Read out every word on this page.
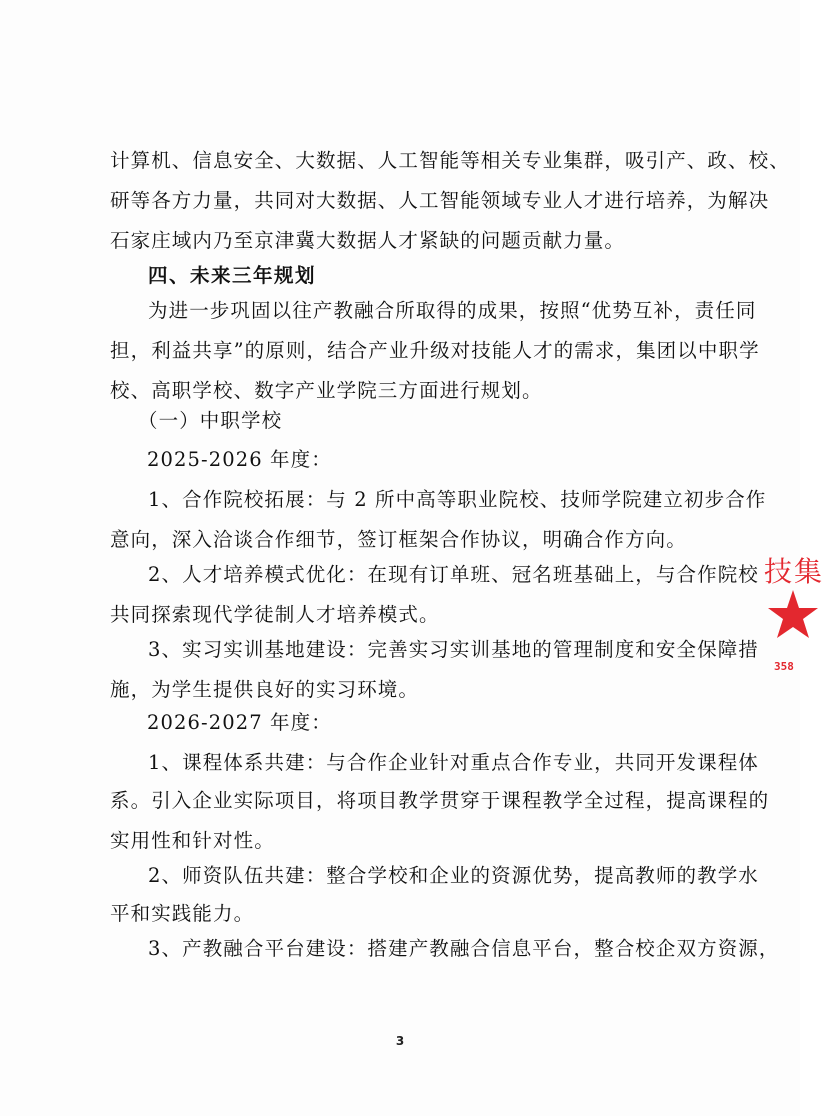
计算机、信息安全、大数据、人工智能等相关专业集群，吸引产、政、校、
研等各方力量，共同对大数据、人工智能领域专业人才进行培养，为解决
石家庄域内乃至京津冀大数据人才紧缺的问题贡献力量。
四、未来三年规划
为进一步巩固以往产教融合所取得的成果，按照“优势互补，责任同
担，利益共享”的原则，结合产业升级对技能人才的需求，集团以中职学
校、高职学校、数字产业学院三方面进行规划。
（一）中职学校
2025-2026 年度：
1、合作院校拓展：与 2 所中高等职业院校、技师学院建立初步合作
意向，深入洽谈合作细节，签订框架合作协议，明确合作方向。
2、人才培养模式优化：在现有订单班、冠名班基础上，与合作院校
共同探索现代学徒制人才培养模式。
3、实习实训基地建设：完善实习实训基地的管理制度和安全保障措
施，为学生提供良好的实习环境。
2026-2027 年度：
1、课程体系共建：与合作企业针对重点合作专业，共同开发课程体
系。引入企业实际项目，将项目教学贯穿于课程教学全过程，提高课程的
实用性和针对性。
2、师资队伍共建：整合学校和企业的资源优势，提高教师的教学水
平和实践能力。
3、产教融合平台建设：搭建产教融合信息平台，整合校企双方资源，
3
技集
358
